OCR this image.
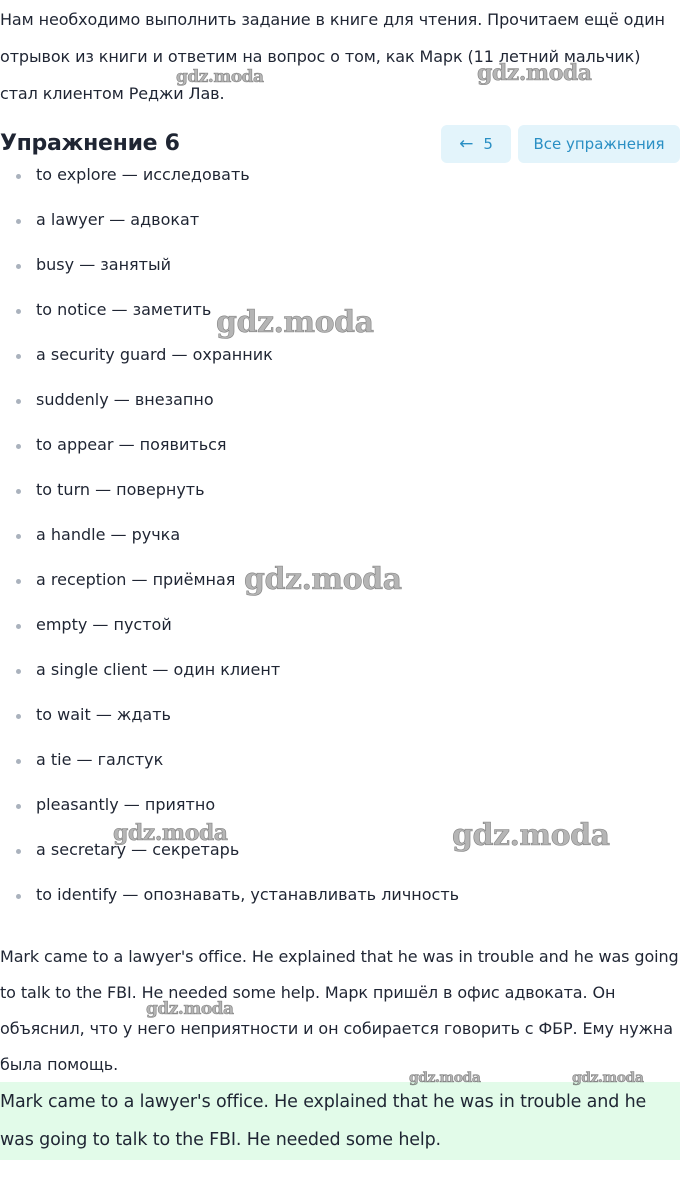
Нам необходимо выполнить задание в книге для чтения. Прочитаем ещё один отрывок из книги и ответим на вопрос о том, как Марк (11 летний мальчик) стал клиентом Реджи Лав.
Упражнение 6	← 5	Все упражнения
to explore — исследовать
a lawyer — адвокат
busy — занятый
to notice — заметить
a security guard — охранник
suddenly — внезапно
to appear — появиться
to turn — повернуть
a handle — ручка
a reception — приёмная
empty — пустой
a single client — один клиент
to wait — ждать
a tie — галстук
pleasantly — приятно
a secretary — секретарь
to identify — опознавать, устанавливать личность
Mark came to a lawyer's office. He explained that he was in trouble and he was going to talk to the FBI. He needed some help. Марк пришёл в офис адвоката. Он объяснил, что у него неприятности и он собирается говорить с ФБР. Ему нужна была помощь.
Mark came to a lawyer's office. He explained that he was in trouble and he was going to talk to the FBI. He needed some help.
gdz.moda	gdz.moda
gdz.moda
gdz.moda
gdz.moda	gdz.moda
gdz.moda
gdz.moda	gdz.moda
